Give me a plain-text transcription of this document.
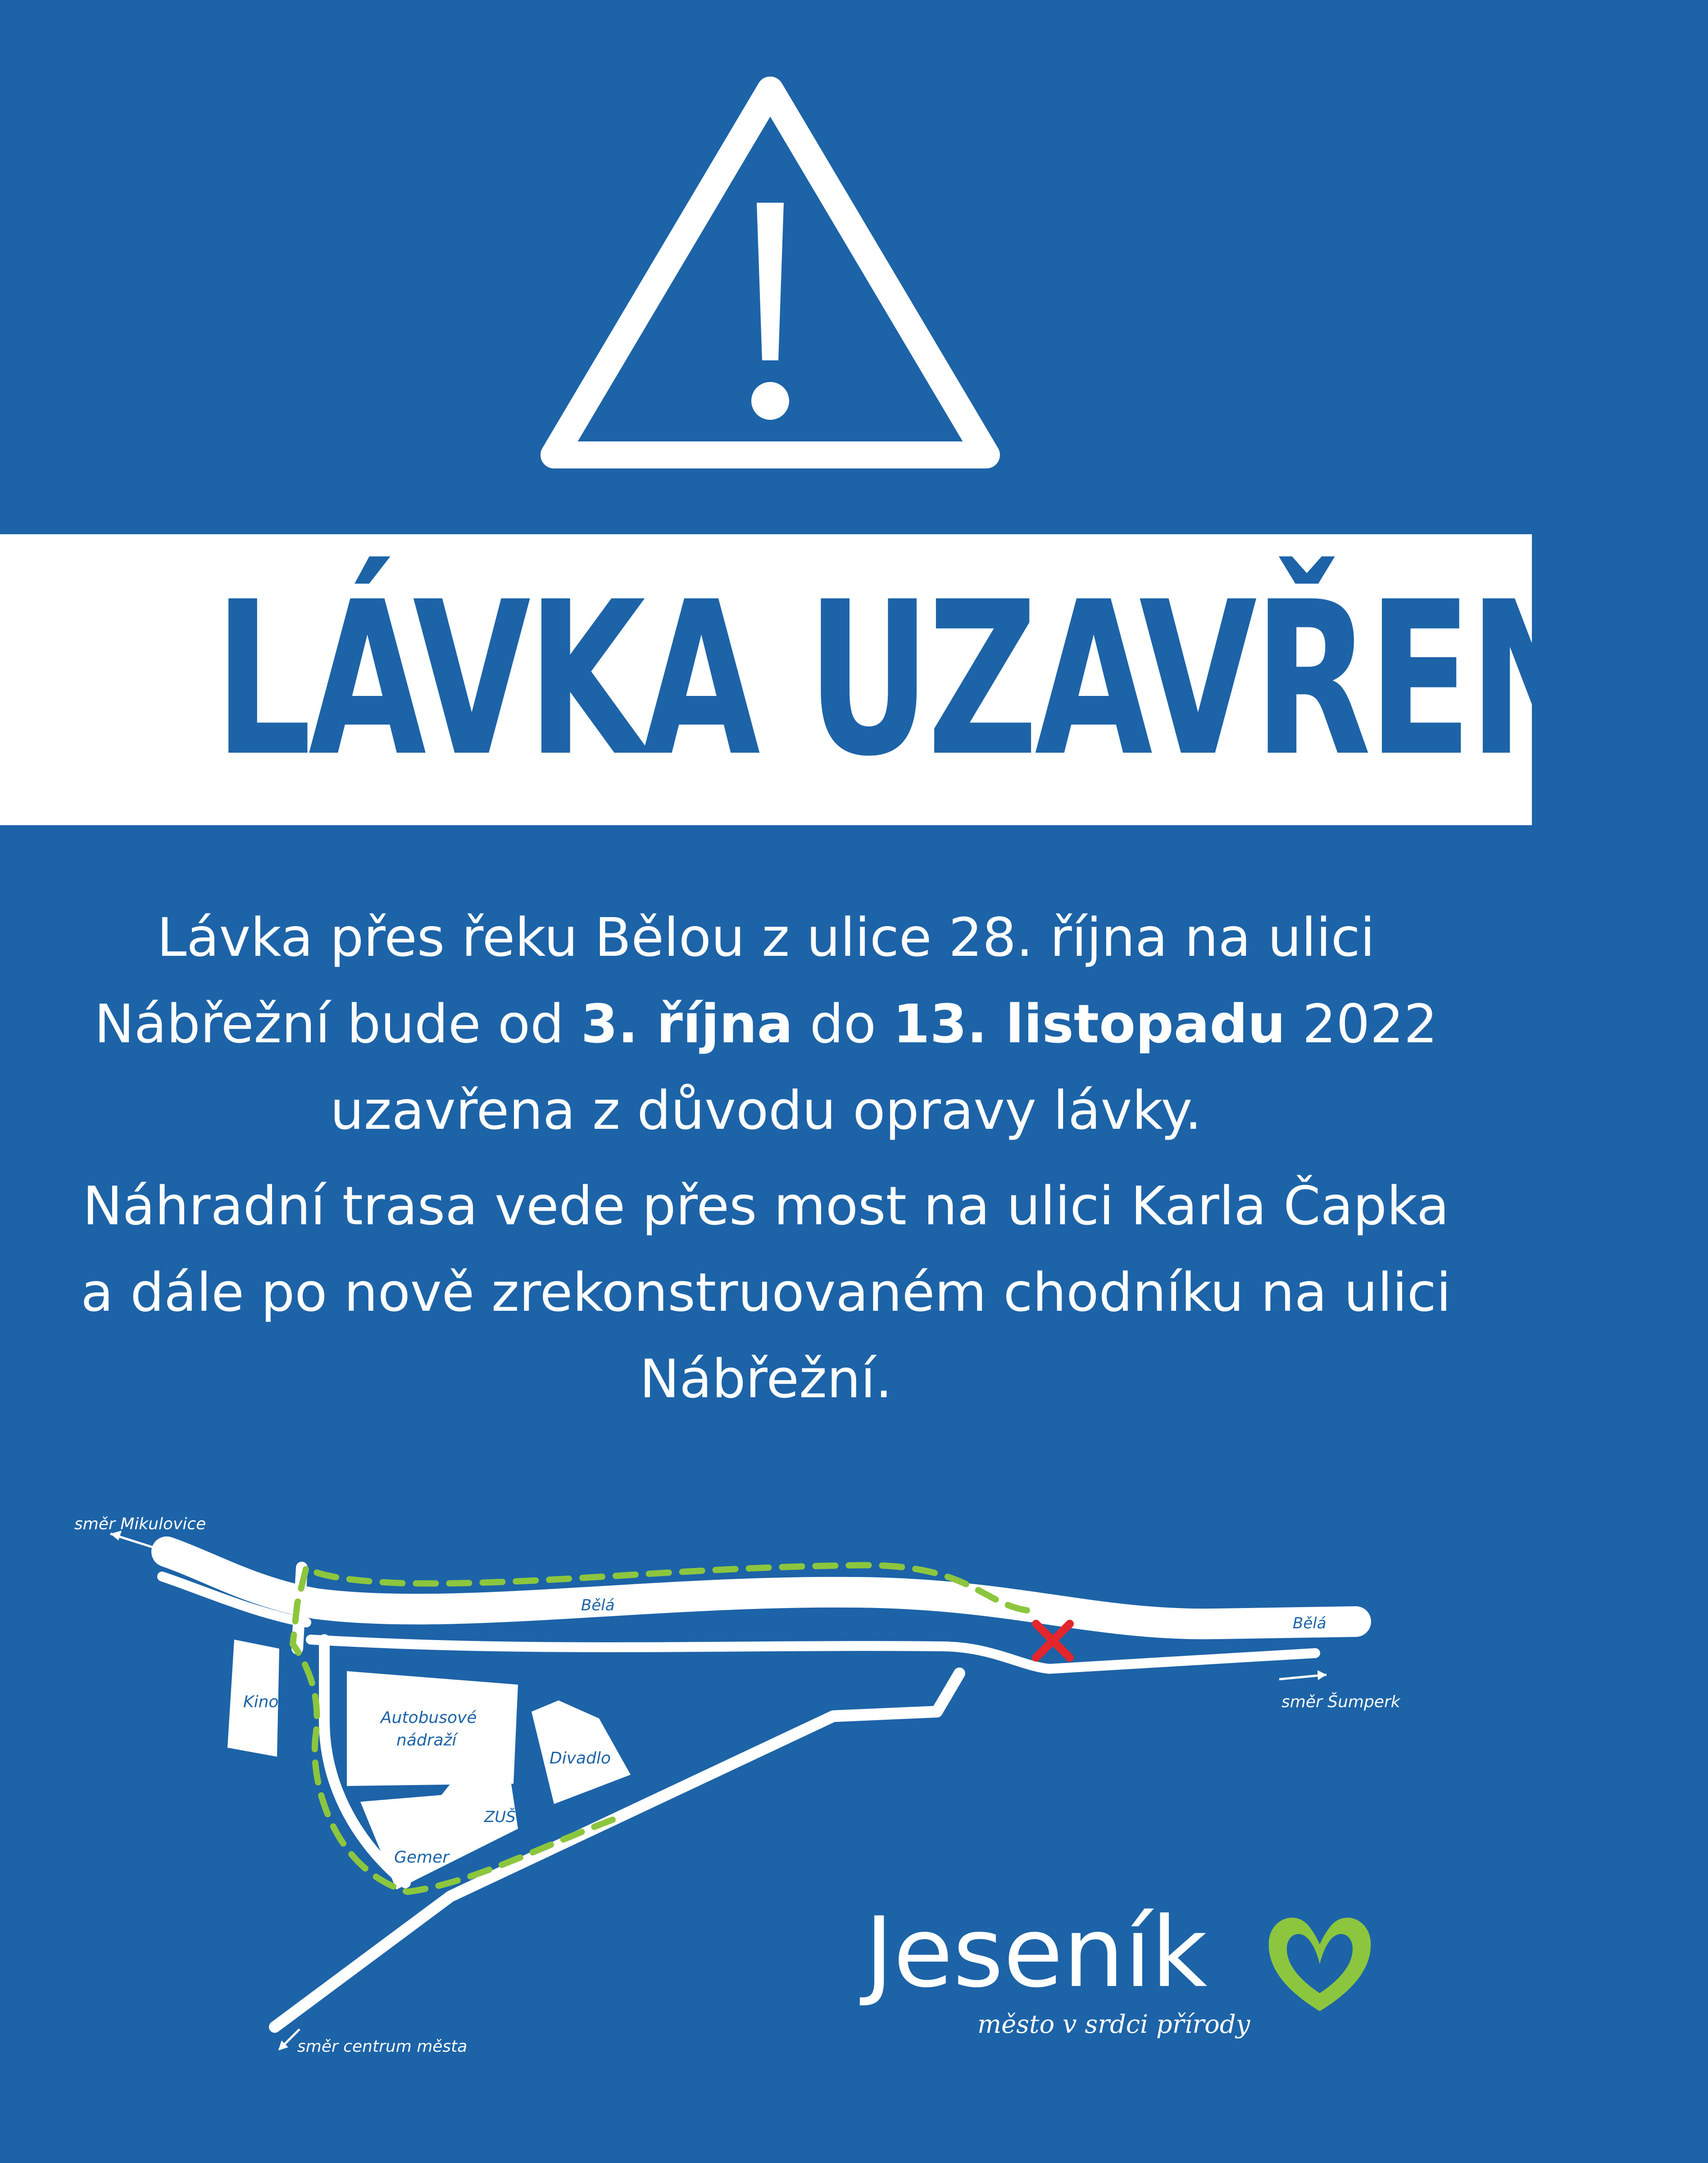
LÁVKA UZAVŘENA

Lávka přes řeku Bělou z ulice 28. října na ulici Nábřežní bude od 3. října do 13. listopadu 2022 uzavřena z důvodu opravy lávky.

Náhradní trasa vede přes most na ulici Karla Čapka a dále po nově zrekonstruovaném chodníku na ulici Nábřežní.

směr Mikulovice
směr Šumperk
směr centrum města
Bělá
Bělá
Bělá
Kino
Autobusové
nádraží
Divadlo
ZUŠ
Gemer
Jeseník
město v srdci přírody
